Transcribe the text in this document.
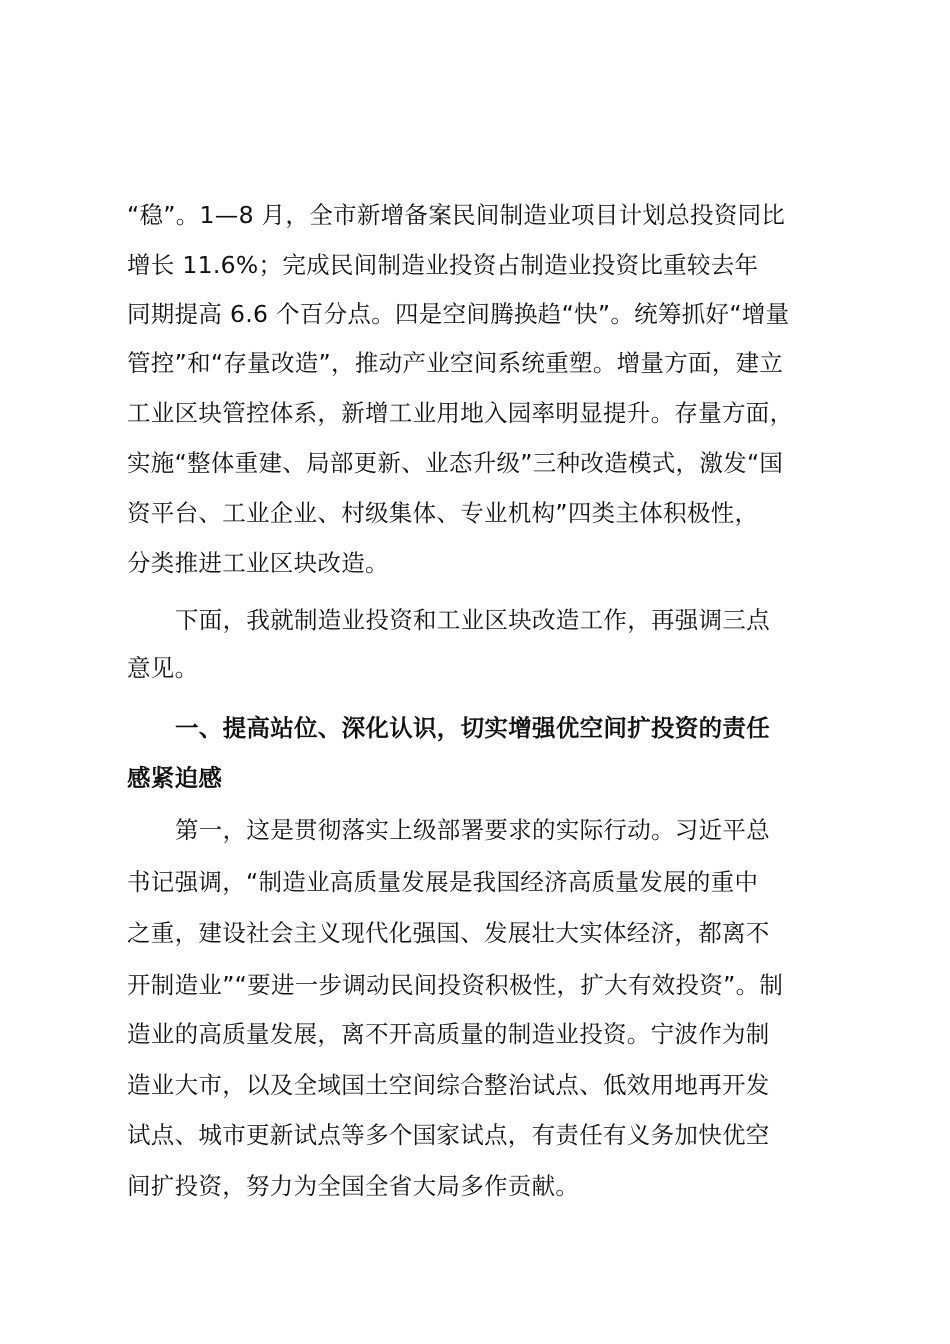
“稳”。1—8 月，全市新增备案民间制造业项目计划总投资同比
增长 11.6%；完成民间制造业投资占制造业投资比重较去年
同期提高 6.6 个百分点。四是空间腾换趋“快”。统筹抓好“增量
管控”和“存量改造”，推动产业空间系统重塑。增量方面，建立
工业区块管控体系，新增工业用地入园率明显提升。存量方面，
实施“整体重建、局部更新、业态升级”三种改造模式，激发“国
资平台、工业企业、村级集体、专业机构”四类主体积极性，
分类推进工业区块改造。
下面，我就制造业投资和工业区块改造工作，再强调三点
意见。
一、提高站位、深化认识，切实增强优空间扩投资的责任
感紧迫感
第一，这是贯彻落实上级部署要求的实际行动。习近平总
书记强调，“制造业高质量发展是我国经济高质量发展的重中
之重，建设社会主义现代化强国、发展壮大实体经济，都离不
开制造业”“要进一步调动民间投资积极性，扩大有效投资”。制
造业的高质量发展，离不开高质量的制造业投资。宁波作为制
造业大市，以及全域国土空间综合整治试点、低效用地再开发
试点、城市更新试点等多个国家试点，有责任有义务加快优空
间扩投资，努力为全国全省大局多作贡献。
